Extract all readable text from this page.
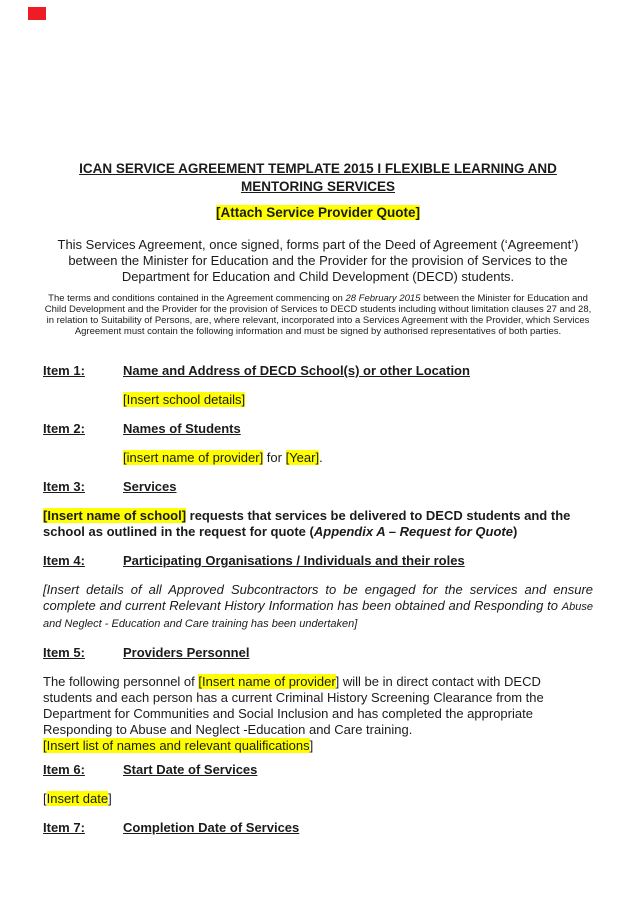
ICAN SERVICE AGREEMENT TEMPLATE 2015 I FLEXIBLE LEARNING AND MENTORING SERVICES
[Attach Service Provider Quote]
This Services Agreement, once signed, forms part of the Deed of Agreement (‘Agreement’) between the Minister for Education and the Provider for the provision of Services to the Department for Education and Child Development (DECD) students.
The terms and conditions contained in the Agreement commencing on 28 February 2015 between the Minister for Education and Child Development and the Provider for the provision of Services to DECD students including without limitation clauses 27 and 28, in relation to Suitability of Persons, are, where relevant, incorporated into a Services Agreement with the Provider, which Services Agreement must contain the following information and must be signed by authorised representatives of both parties.
Item 1:	Name and Address of DECD School(s) or other Location
[Insert school details]
Item 2:	Names of Students
[insert name of provider] for [Year].
Item 3:	Services
[Insert name of school] requests that services be delivered to DECD students and the school as outlined in the request for quote (Appendix A – Request for Quote)
Item 4:	Participating Organisations / Individuals and their roles
[Insert details of all Approved Subcontractors to be engaged for the services and ensure complete and current Relevant History Information has been obtained and Responding to Abuse and Neglect - Education and Care training has been undertaken]
Item 5:	Providers Personnel
The following personnel of [Insert name of provider] will be in direct contact with DECD students and each person has a current Criminal History Screening Clearance from the Department for Communities and Social Inclusion and has completed the appropriate Responding to Abuse and Neglect -Education and Care training.
[Insert list of names and relevant qualifications]
Item 6:	Start Date of Services
[Insert date]
Item 7:	Completion Date of Services
